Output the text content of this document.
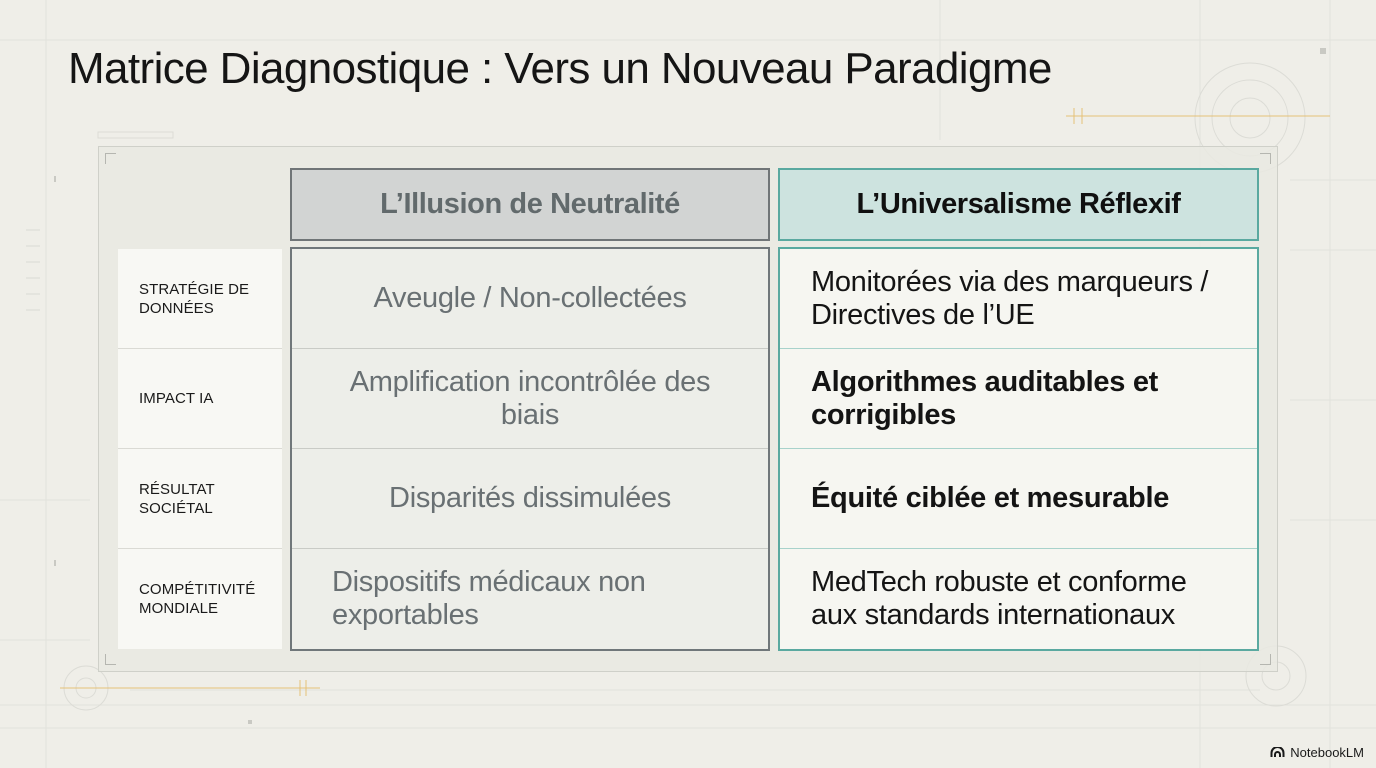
Matrice Diagnostique : Vers un Nouveau Paradigme
STRATÉGIE DE DONNÉES
IMPACT IA
RÉSULTAT SOCIÉTAL
COMPÉTITIVITÉ MONDIALE
L’Illusion de Neutralité	L’Universalisme Réflexif
Aveugle / Non-collectées
Amplification incontrôlée des biais
Disparités dissimulées
Dispositifs médicaux non exportables
Monitorées via des marqueurs / Directives de l’UE
Algorithmes auditables et corrigibles
Équité ciblée et mesurable
MedTech robuste et conforme aux standards internationaux
NotebookLM
